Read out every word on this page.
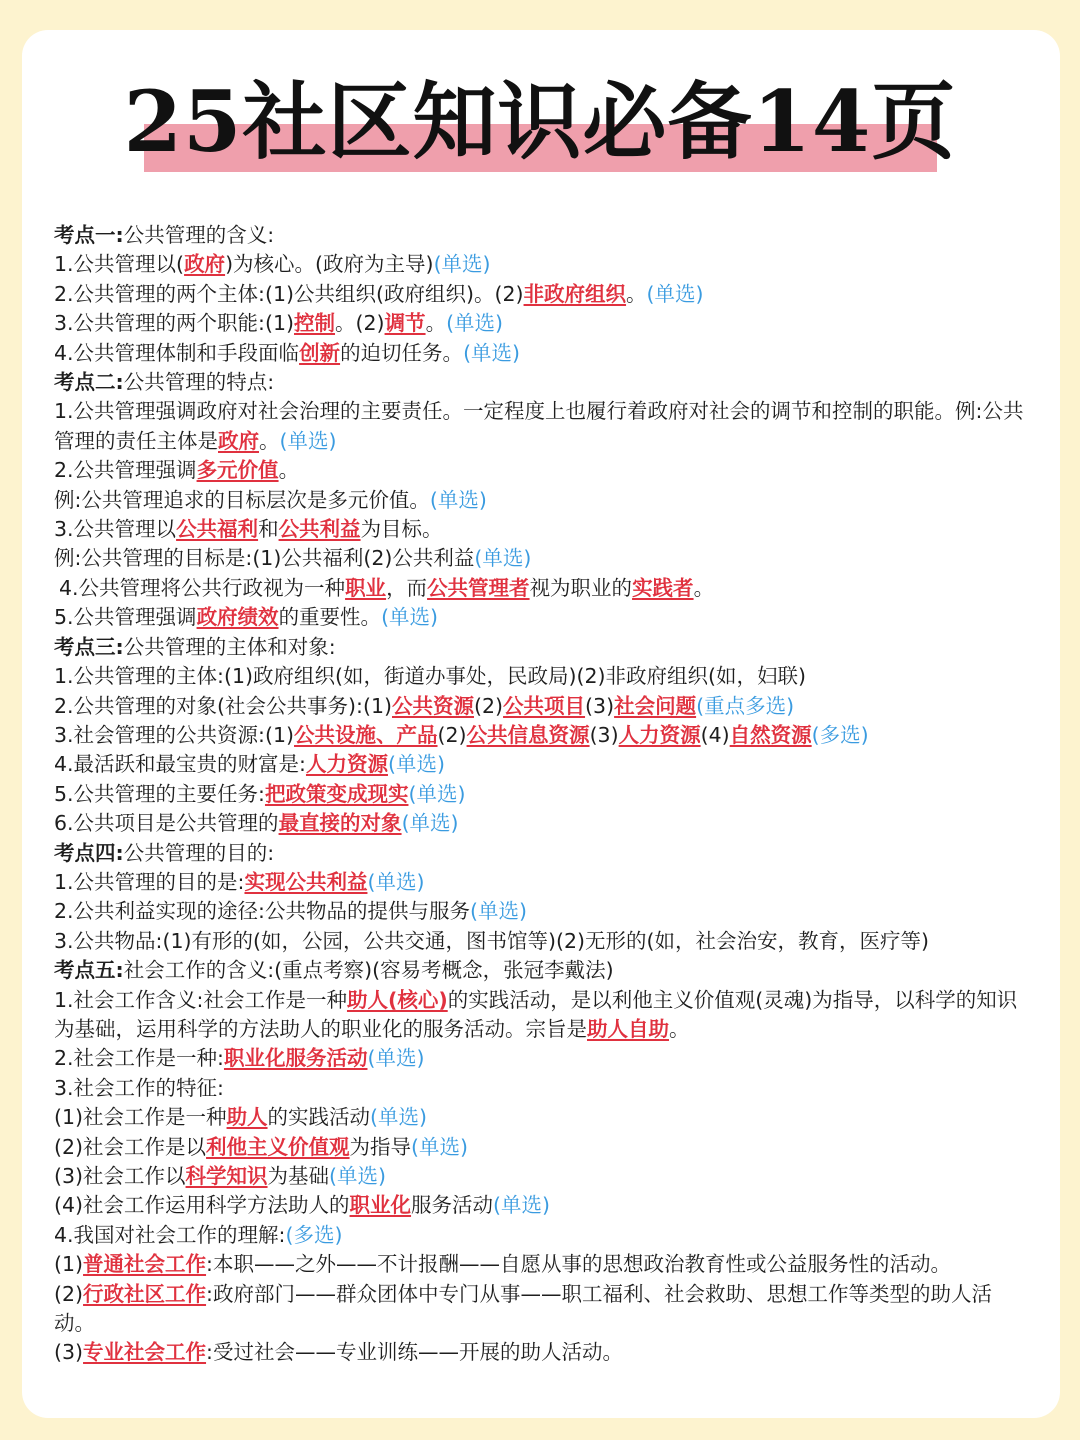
25社区知识必备14页
考点一:公共管理的含义:
1.公共管理以(政府)为核心。(政府为主导)(单选)
2.公共管理的两个主体:(1)公共组织(政府组织)。(2)非政府组织。(单选)
3.公共管理的两个职能:(1)控制。(2)调节。(单选)
4.公共管理体制和手段面临创新的迫切任务。(单选)
考点二:公共管理的特点:
1.公共管理强调政府对社会治理的主要责任。一定程度上也履行着政府对社会的调节和控制的职能。例:公共管理的责任主体是政府。(单选)
2.公共管理强调多元价值。
例:公共管理追求的目标层次是多元价值。(单选)
3.公共管理以公共福利和公共利益为目标。
例:公共管理的目标是:(1)公共福利(2)公共利益(单选)
4.公共管理将公共行政视为一种职业，而公共管理者视为职业的实践者。
5.公共管理强调政府绩效的重要性。(单选)
考点三:公共管理的主体和对象:
1.公共管理的主体:(1)政府组织(如，街道办事处，民政局)(2)非政府组织(如，妇联)
2.公共管理的对象(社会公共事务):(1)公共资源(2)公共项目(3)社会问题(重点多选)
3.社会管理的公共资源:(1)公共设施、产品(2)公共信息资源(3)人力资源(4)自然资源(多选)
4.最活跃和最宝贵的财富是:人力资源(单选)
5.公共管理的主要任务:把政策变成现实(单选)
6.公共项目是公共管理的最直接的对象(单选)
考点四:公共管理的目的:
1.公共管理的目的是:实现公共利益(单选)
2.公共利益实现的途径:公共物品的提供与服务(单选)
3.公共物品:(1)有形的(如，公园，公共交通，图书馆等)(2)无形的(如，社会治安，教育，医疗等)
考点五:社会工作的含义:(重点考察)(容易考概念，张冠李戴法)
1.社会工作含义:社会工作是一种助人(核心)的实践活动，是以利他主义价值观(灵魂)为指导，以科学的知识为基础，运用科学的方法助人的职业化的服务活动。宗旨是助人自助。
2.社会工作是一种:职业化服务活动(单选)
3.社会工作的特征:
(1)社会工作是一种助人的实践活动(单选)
(2)社会工作是以利他主义价值观为指导(单选)
(3)社会工作以科学知识为基础(单选)
(4)社会工作运用科学方法助人的职业化服务活动(单选)
4.我国对社会工作的理解:(多选)
(1)普通社会工作:本职——之外——不计报酬——自愿从事的思想政治教育性或公益服务性的活动。
(2)行政社区工作:政府部门——群众团体中专门从事——职工福利、社会救助、思想工作等类型的助人活动。
(3)专业社会工作:受过社会——专业训练——开展的助人活动。
